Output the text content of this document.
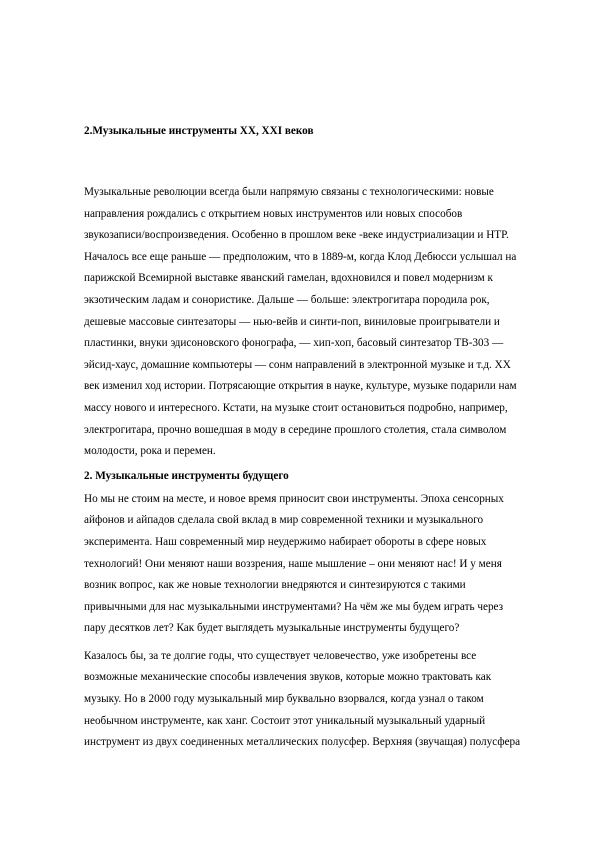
2.Музыкальные инструменты XX, XXI веков

Музыкальные революции всегда были напрямую связаны с технологическими: новые
направления рождались с открытием новых инструментов или новых способов
звукозаписи/воспроизведения. Особенно в прошлом веке -веке индустриализации и НТР.
Началось все еще раньше — предположим, что в 1889-м, когда Клод Дебюсси услышал на
парижской Всемирной выставке яванский гамелан, вдохновился и повел модернизм к
экзотическим ладам и сонористике. Дальше — больше: электрогитара породила рок,
дешевые массовые синтезаторы — нью-вейв и синти-поп, виниловые проигрыватели и
пластинки, внуки эдисоновского фонографа, — хип-хоп, басовый синтезатор ТВ-303 —
эйсид-хаус, домашние компьютеры — сонм направлений в электронной музыке и т.д. ХХ
век изменил ход истории. Потрясающие открытия в науке, культуре, музыке подарили нам
массу нового и интересного. Кстати, на музыке стоит остановиться подробно, например,
электрогитара, прочно вошедшая в моду в середине прошлого столетия, стала символом
молодости, рока и перемен.

2. Музыкальные инструменты будущего

Но мы не стоим на месте, и новое время приносит свои инструменты. Эпоха сенсорных
айфонов и айпадов сделала свой вклад в мир современной техники и музыкального
эксперимента. Наш современный мир неудержимо набирает обороты в сфере новых
технологий! Они меняют наши воззрения, наше мышление – они меняют нас! И у меня
возник вопрос, как же новые технологии внедряются и синтезируются с такими
привычными для нас музыкальными инструментами? На чём же мы будем играть через
пару десятков лет? Как будет выглядеть музыкальные инструменты будущего?

Казалось бы, за те долгие годы, что существует человечество, уже изобретены все
возможные механические способы извлечения звуков, которые можно трактовать как
музыку. Но в 2000 году музыкальный мир буквально взорвался, когда узнал о таком
необычном инструменте, как ханг. Состоит этот уникальный музыкальный ударный
инструмент из двух соединенных металлических полусфер. Верхняя (звучащая) полусфера
